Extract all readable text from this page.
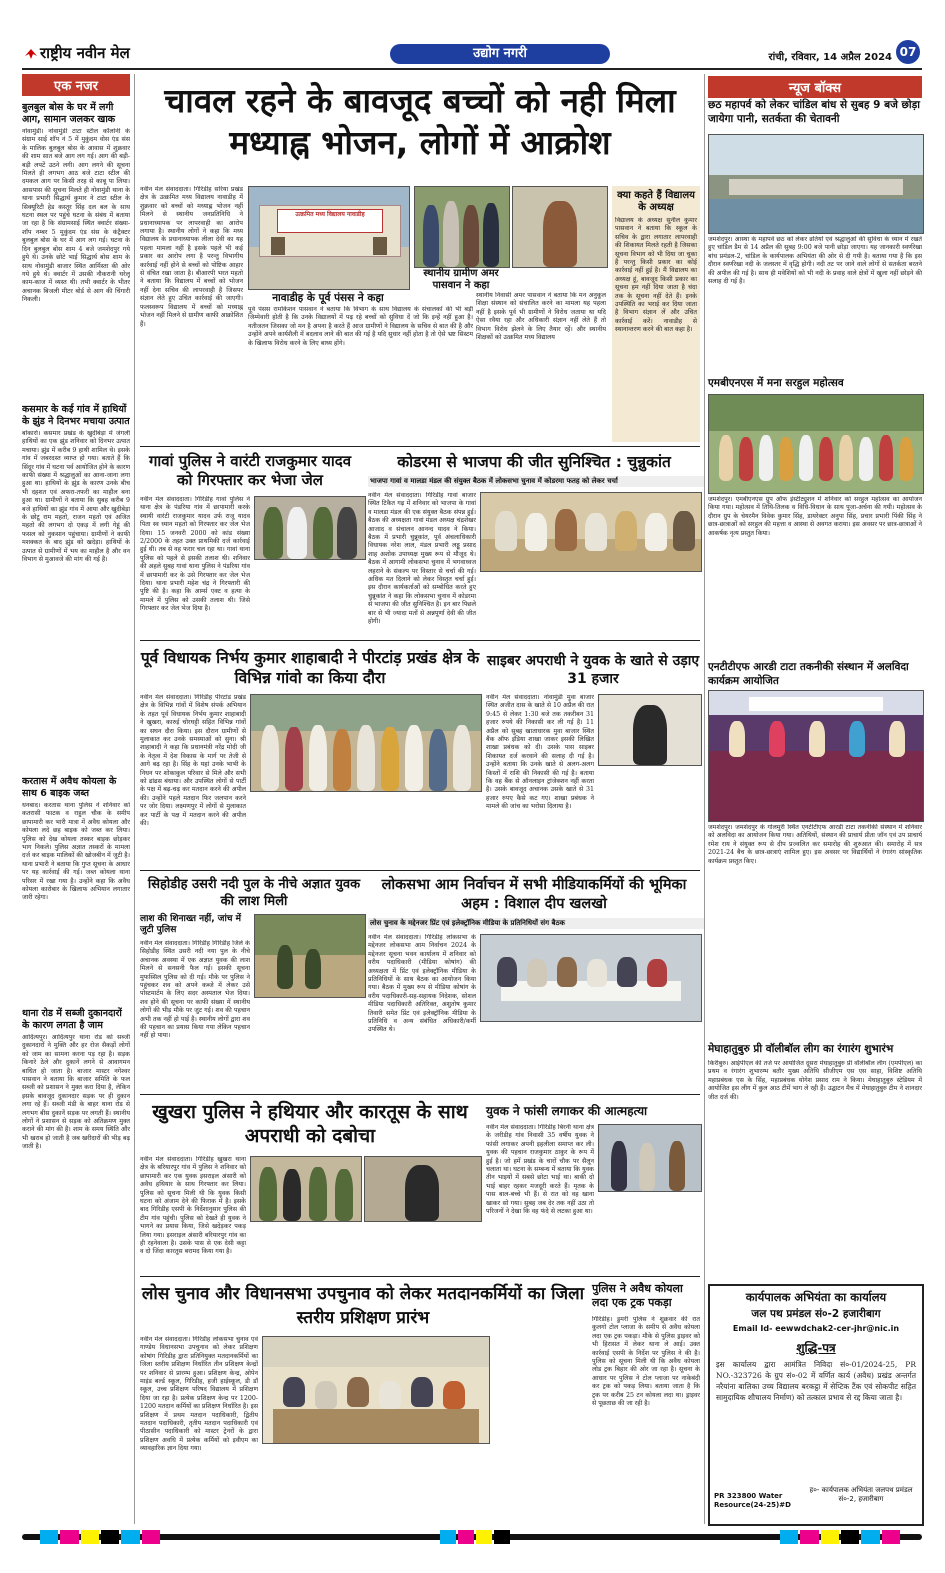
राष्ट्रीय नवीन मेल	उद्योग नगरी	रांची, रविवार, 14 अप्रैल 2024 07
एक नजर
बुलबुल बोस के घर में लगी आग, सामान जलकर खाक
नोवामुंडी। नोवामुंडी टाटा स्टील कॉलोनी के संग्राम साई शॉप नं 5 में मुकुंदम वोस एंड संस के मालिक बुलबुल बोस के आवास में शुक्रवार की शाम सात बजे आग लग गई। आग की बड़ी-बड़ी लपटें उठने लगी। आग लगने की सूचना मिलते ही लगभग आठ बजे टाटा स्टील की दमकल आग पर किसी तरह से काबू पा लिया। आसपास की सूचना मिलते ही नोवामुंडी थाना के थाना प्रभारी सिद्धार्थ कुमार ने टाटा स्टील के सिक्यूरिटी हेड कस्तूर सिंह दल बल के साथ घटना स्थल पर पहुंचे घटना के संबंध में बताया जा रहा है कि संग्रामसाई स्थित क्वार्टर संख्या- शॉप नम्बर 5 मुकुंदम एंड संस के कंट्रैक्टर बुलबुल बोस के घर में आग लग गई। घटना के दिन बुलबुल बोस शाम 4 बजे जमशेदपुर गये हुये थे। उनके छोटे भाई सिद्धार्थ बोस शाम के साथ नोवामुंडी बाजार स्थित आर्मिस्ता की ओर गये हुये थे। क्वार्टर में उसकी नौकरानी घरेलू काम-काज में व्यस्त थी। तभी क्वार्टर के भीतर अचानक बिजली मीटर बोर्ड से आग की चिंगारी निकली।
कसमार के कई गांव में हाथियों के झुंड ने दिनभर मचाया उत्पात
बोकारो। कसमार प्रखंड के खुदीबेड़ा में जंगली हाथियों का एक झुंड शनिवार को दिनभर उत्पात मचाया। झुंड में करीब 9 हाथी शामिल थे। इसके गांव में जबरदस्त व्याप्त हो गया। बताते हैं कि सिंदूर गांव में घटना पर्व आयोजित होने के कारण काफी संख्या में श्रद्धालुओं का आना-जाना लगा हुआ था। हाथियों के झुंड के कारण उनके बीच भी दहशत एवं अफरा-तफरी का माहौल बना हुआ था। ग्रामीणों ने बताया कि सुबह करीब 9 बजे हाथियों का झुंड गांव में आया और खुदीबेड़ा के छोटू राम महतो, राजन महतो एवं अजित महतो की लगभग दो एकड़ में लगी गेहूं की फसल को नुकसान पहुंचाया। ग्रामीणों ने काफी मशक्कत के बाद झुंड को खदेड़ा। हाथियों के उत्पात से ग्रामीणों में भय का माहौल है और वन विभाग से मुआवजे की मांग की गई है।
करतास में अवैध कोयला के साथ 6 बाइक जब्त
धनबाद। करतास थाना पुलिस ने शनिवार को कतरासी फाटक व राहुल चौक के समीप छापामारी कर भारी मात्रा में अवैध कोयला और कोयला लदे छह बाइक को जब्त कर लिया। पुलिस को देख कोयला तस्कर बाइक छोड़कर भाग निकले। पुलिस अज्ञात तस्करों के मामला दर्ज कर बाइक मालिकों की खोजबीन में जुटी है। थाना प्रभारी ने बताया कि गुप्त सूचना के आधार पर यह कार्रवाई की गई। जब्त कोयला थाना परिसर में रखा गया है। उन्होंने कहा कि अवैध कोयला कारोबार के खिलाफ अभियान लगातार जारी रहेगा।
थाना रोड में सब्जी दुकानदारों के कारण लगता है जाम
आदित्यपुर। आदित्यपुर थाना रोड को सब्जी दुकानदारों ने मुक्ति और हर रोज सैकड़ों लोगों को जाम का सामना करना पड़ रहा है। सड़क किनारे ठेले और दुकानें लगने से आवागमन बाधित हो जाता है। बाजार मास्टर नगेश्वर पासवान ने बताया कि बाजार समिति के फल सब्जी को प्रशासन ने मुक्त करा दिया है, लेकिन इसके बावजूद दुकानदार सड़क पर ही दुकान लगा रहे हैं। सब्जी मंडी के बाहर थाना रोड से लगभग बीस दुकानें सड़क पर लगती हैं। स्थानीय लोगों ने प्रशासन से सड़क को अतिक्रमण मुक्त कराने की मांग की है। शाम के समय स्थिति और भी खराब हो जाती है जब खरीदारों की भीड़ बढ़ जाती है।
चावल रहने के बावजूद बच्चों को नही मिला मध्याह्न भोजन, लोगों में आक्रोश
नवीन मेल संवाददाता। गिरिडीह सरिया प्रखंड क्षेत्र के उत्क्रमित मध्य विद्यालय नावाडीह में शुक्रवार को बच्चों को मध्याह्न भोजन नहीं मिलने से स्थानीय जनप्रतिनिधि ने प्रधानाध्यापक पर लापरवाही का आरोप लगाया है। स्थानीय लोगों ने कहा कि मध्य विद्यालय के प्रधानाध्यापक लीला देवी का यह पहला मामला नहीं है इसके पहले भी कई प्रकार का आरोप लगा है परन्तु विभागीय कार्रवाई नहीं होने से बच्चों को पोष्टिक आहार से वंचित रखा जाता है। बीआरपी भरत महतो ने बताया कि विद्यालय में बच्चों को भोजन नहीं देना सचिव की लापरवाही है जिसपर संज्ञान लेते हुए उचित कार्रवाई की जाएगी। फलस्वरूप विद्यालय में बच्चों को मध्याह्न भोजन नहीं मिलने से ग्रामीण काफी आक्रोशित हैं।
उत्क्रमित मध्य विद्यालय नावाडीह
नावाडीह के पूर्व पंसस ने कहा
पूर्व पंसस रामकिशन पासवान ने बताया कि विभाग के साथ विद्यालय के संचालकों की भी बड़ी जिम्मेवारी होती है कि उनके विद्यालयों में पढ़ रहे बच्चों को सुविधा दें जो कि इन्हें नहीं हुआ है। नतीजतन जिसका जो मन है अपना है करते हैं आज ग्रामीणों ने विद्यालय के सचिव से बात की है और उन्होंने अपने कार्यशैली में बदलाव लाने की बात की गई है यदि सुधार नहीं होता है तो ऐसे भ्रष्ट सिस्टम के खिलाफ विरोध करने के लिए बाध्य होंगे।
स्थानीय ग्रामीण अमर पासवान ने कहा
स्थानीय निवासी अमर पासवान ने बताया कि मन अनुकूल शिक्षा संस्थान को संचालित करने का मामला यह पहला नहीं है इसके पूर्व भी ग्रामीणों ने विरोध जताया था यदि ऐसा रवैया रहा और अधिकारी संज्ञान नहीं लेते हैं तो विभाग विरोध झेलने के लिए तैयार रहें। और स्थानीय शिक्षकों को उत्क्रमित मध्य विद्यालय
क्या कहते हैं विद्यालय के अध्यक्ष
विद्यालय के अध्यक्ष सुनील कुमार पासवान ने बताया कि स्कूल के सचिव के द्वारा लगातार लापरवाही की शिकायत मिलते रहती है जिसका सूचना विभाग को भी दिया जा चुका है परन्तु किसी प्रकार का कोई कार्रवाई नहीं हुई है। मैं विद्यालय का अध्यक्ष हूं, बावजूद किसी प्रकार का सूचना हम नहीं दिया जाता है चंदा तक के सूचना नहीं देते हैं। इनके उपस्थिति का भराई कर दिया जाता है विभाग संज्ञान लें और उचित कार्रवाई करें। नावाडीह से स्थानान्तरण करने की बात कहा है।
गावां पुलिस ने वारंटी राजकुमार यादव को गिरफ्तार कर भेजा जेल
नवीन मेल संवाददाता। गिरिडीह गावां पुलिस ने थाना क्षेत्र के पंडरिया गांव में छापामारी करके स्थायी वारंटी राजकुमार यादव उर्फ राजू यादव पिता स्व ध्यान महतो को गिरफ्तार कर जेल भेज दिया। 15 जनवरी 2000 को कांड संख्या 2/2000 के तहत उक्त प्राथमिकी दर्ज कार्रवाई हुई थी। तब से वह फरार चल रहा था। गावां थाना पुलिस को पहले से इसकी तलाश थी। शनिवार की अहले सुबह गावां थाना पुलिस ने पंडरिया गांव में छापामारी कर के उसे गिरफ्तार कर जेल भेज दिया। थाना प्रभारी महेश चंद्र ने गिरफ्तारी की पुष्टि की है। कहा कि आर्म्स एक्ट व हत्या के मामले में पुलिस को उसकी तलाश थी। जिसे गिरफ्तार कर जेल भेज दिया है।
कोडरमा से भाजपा की जीत सुनिश्चित : चुन्नुकांत
भाजपा गावां व मालडा मंडल की संयुक्त बैठक में लोकसभा चुनाव में कोडरमा फतह को लेकर चर्चा
नवीन मेल संवाददाता। गिरिडीह गावां बाजार स्थित टिकैत गढ़ में शनिवार को भाजपा के गावां व मालडा मंडल की एक संयुक्त बैठक संपन्न हुई। बैठक की अध्यक्षता गावां मंडल अध्यक्ष चंद्रशेखर आजाद व संचालन आनन्द यादव ने किया। बैठक में प्रभारी चुन्नूकांत, पूर्व अंचलाधिकारी विधायक नरेश लाल, मंडल प्रभारी लड्डू प्रसाद शाह अशोक उपाध्यक्ष मुख्य रूप से मौजूद थे। बैठक में आगामी लोकसभा चुनाव में भगवाध्वज लहराने के संकल्प पर विस्तार से चर्चा की गई। अधिक मत दिलाने को लेकर विस्तृत चर्चा हुई। इस दौरान कार्यकर्ताओं को सम्बोधित करते हुए चुन्नूकांत ने कहा कि लोकसभा चुनाव में कोडरमा से भाजपा की जीत सुनिश्चित है। इन बार पिछले बार से भी ज्यादा मतों से अन्नपूर्णा देवी की जीत होगी।
पूर्व विधायक निर्भय कुमार शाहाबादी ने पीरटांड़ प्रखंड क्षेत्र के विभिन्न गांवो का किया दौरा
नवीन मेल संवाददाता। गिरिडीह पीरटांड प्रखंड क्षेत्र के विभिन्न गांवों में विशेष संपर्क अभियान के तहत पूर्व विधायक निर्भय कुमार शाहाबादी ने खुखरा, कारुई चोरघट्टी सहित विभिन्न गांवों का सघन दौरा किया। इस दौरान ग्रामीणों से मुलाकात कर उनके समस्याओं को सुना। श्री शाहाबादी ने कहा कि प्रधानमंत्री नरेंद्र मोदी जी के नेतृत्व में देश विकास के मार्ग पर तेजी से आगे बढ़ रहा है। सिंह के यहां उनके भाभी के निधन पर शोकाकुल परिवार से मिले और सभी को ढांढस बंधाया। और उपस्थित लोगों से पार्टी के पक्ष में बढ़-चढ़ कर मतदान करने की अपील की। उन्होंने पहले मतदान फिर जलपान करने पर जोर दिया। लक्ष्मणपुर में लोगों से मुलाकात कर पार्टी के पक्ष में मतदान करने की अपील की।
साइबर अपराधी ने युवक के खाते से उड़ाए 31 हजार
नवीन मेल संवाददाता। नोवामुंडी मुवा बाजार स्थित अजीत दास के खाते से 10 अप्रैल की रात 9:45 से लेकर 1:30 बजे तक तकरीबन 31 हजार रुपये की निकासी कर ली गई है। 11 अप्रैल को सुबह खाताधारक मुवा बाजार स्थित बैंक ऑफ इंडिया शाखा जाकर इसकी लिखित शाखा प्रबंधक को दी। उसके पास साइबर शिकायत दर्ज करवाने की सलाह दी गई है। उन्होंने बताया कि उनके खाते से अलग-अलग किस्तों में राशि की निकासी की गई है। बताया कि वह बैंक से ऑनलाइन ट्रांजेक्शन नहीं करता है। उसके बावजूद अचानक उसके खाते से 31 हजार रुपए कैसे कट गए। शाखा प्रबंधक ने मामले की जांच का भरोसा दिलाया है।
सिहोडीह उसरी नदी पुल के नीचे अज्ञात युवक की लाश मिली
लाश की शिनाख्त नहीं, जांच में जुटी पुलिस
नवीन मेल संवाददाता। गिरिडीह गिरिडीह जिले के सिहोडीह स्थित उसरी नदी नया पुल के नीचे अचानक अवस्था में एक अज्ञात युवक की लाश मिलने से सनसनी फैल गई। इसकी सूचना मुफस्सिल पुलिस को दी गई। मौके पर पुलिस ने पहुंचकर शव को अपने कब्जे में लेकर उसे पोस्टमार्टम के लिए सदर अस्पताल भेज दिया। शव होने की सूचना पर काफी संख्या में स्थानीय लोगों की भीड़ मौके पर जुट गई। शव की पहचान अभी तक नहीं हो पाई है। स्थानीय लोगों द्वारा शव की पहचान का प्रयास किया गया लेकिन पहचान नहीं हो पाया।
लोकसभा आम निर्वाचन में सभी मीडियाकर्मियों की भूमिका अहम : विशाल दीप खलखो
लोस चुनाव के मद्देनजर प्रिंट एवं इलेक्ट्रॉनिक मीडिया के प्रतिनिधियों संग बैठक
नवीन मेल संवाददाता। गिरिडीह लोकसभा के मद्देनजर लोकसभा आम निर्वाचन 2024 के मद्देनजर सूचना भवन कार्यालय में शनिवार को वरीय पदाधिकारी (मीडिया कोषांग) की अध्यक्षता में प्रिंट एवं इलेक्ट्रॉनिक मीडिया के प्रतिनिधियों के साथ बैठक का आयोजन किया गया। बैठक में मुख्य रूप से मीडिया कोषांग के वरीय पदाधिकारी-सह-सहायक निदेशक, सोशल मीडिया पदाधिकारी अतिरिक्त, अशुतोष कुमार तिवारी समेत प्रिंट एवं इलेक्ट्रॉनिक मीडिया के प्रतिनिधि व अन्य संबंधित अधिकारी/कर्मी उपस्थित थे।
खुखरा पुलिस ने हथियार और कारतूस के साथ अपराधी को दबोचा
नवीन मेल संवाददाता। गिरिडीह खुखरा थाना क्षेत्र के बरियारपुर गांव में पुलिस ने शनिवार को छापामारी कर एक युवक इसराइल अंसारी को अवैध हथियार के साथ गिरफ्तार कर लिया। पुलिस को सूचना मिली थी कि युवक किसी घटना को अंजाम देने की फिराक में है। इसके बाद गिरिडीह एसपी के निर्देशानुसार पुलिस की टीम गांव पहुंची। पुलिस को देखते ही युवक ने भागने का प्रयास किया, जिसे खदेड़कर पकड़ लिया गया। इसराइल अंसारी बरियारपुर गांव का ही रहनेवाला है। उसके पास से एक देसी कट्टा व दो जिंदा कारतूस बरामद किया गया है।
युवक ने फांसी लगाकर की आत्महत्या
नवीन मेल संवाददाता। गिरिडीह बिरनी थाना क्षेत्र के जरीडीह गांव निवासी 35 वर्षीय युवक ने फांसी लगाकर अपनी इहलीला समाप्त कर ली। युवक की पहचान राजकुमार ठाकुर के रूप में हुई है। जो हमें प्रखंड के चारों चौक पर सैलून चलाता था। घटना के सम्बन्ध में बताया कि युवक तीन भाइयों में सबसे छोटा भाई था। बाकी दो भाई बाहर रहकर मजदूरी करते हैं। मृतक के पास बाल-बच्चे भी हैं। से रात को वह खाना खाकर सो गया। सुबह जब देर तक नहीं उठा तो परिजनों ने देखा कि वह फंदे से लटका हुआ था।
लोस चुनाव और विधानसभा उपचुनाव को लेकर मतदानकर्मियों का जिला स्तरीय प्रशिक्षण प्रारंभ
नवीन मेल संवाददाता। गिरिडीह लोकसभा चुनाव एवं गाण्डेय विधानसभा उपचुनाव को लेकर प्रशिक्षण कोषांग गिरिडीह द्वारा प्रतिनियुक्त मतदानकर्मियों का जिला स्तरीय प्रशिक्षण निर्धारित तीन प्रशिक्षण केन्द्रों पर शनिवार से प्रारम्भ हुआ। प्रशिक्षण केन्द्र, ओपेन माइंड बर्ल्ड स्कूल, गिरिडीह, हजी हाईस्कूल, डी डॉ स्कूल, उच्च प्रशिक्षण परिषद विद्यालय में प्रशिक्षण दिया जा रहा है। प्रत्येक प्रशिक्षण केन्द्र पर 1200-1200 मतदान कर्मियों का प्रशिक्षण निर्धारित है। इस प्रशिक्षण में प्रथम मतदान पदाधिकारी, द्वितीय मतदान पदाधिकारी, तृतीय मतदान पदाधिकारी एवं पीठासीन पदाधिकारी को मास्टर ट्रेनरों के द्वारा प्रशिक्षण अवधि में प्रत्येक कर्मियों को इवीएम का व्यावहारिक ज्ञान दिया गया।
पुलिस ने अवैध कोयला लदा एक ट्रक पकड़ा
गिरिडीह। डुमरी पुलिस ने शुक्रवार की रात कुलगो टोल प्लाजा के समीप से अवैध कोयला लदा एक ट्रक पकड़ा। मौके से पुलिस ड्राइवर को भी हिरासत में लेकर थाना ले आई। उक्त कार्रवाई एसपी के निर्देश पर पुलिस ने की है। पुलिस को सूचना मिली थी कि अवैध कोयला लोड ट्रक बिहार की ओर जा रहा है। सूचना के आधार पर पुलिस ने टोल प्लाजा पर नाकेबंदी कर ट्रक को पकड़ लिया। बताया जाता है कि ट्रक पर करीब 25 टन कोयला लदा था। ड्राइवर से पूछताछ की जा रही है।
न्यूज बॉक्स
छठ महापर्व को लेकर चांडिल बांध से सुबह 9 बजे छोड़ा जायेगा पानी, सतर्कता की चेतावनी
जमशेदपुर। आस्था के महापर्व छठ को लेकर व्रतियों एवं श्रद्धालुओं की सुविधा के ध्यान में रखते हुए चांडिल डैम से 14 अप्रैल की सुबह 9:00 बजे पानी छोड़ा जाएगा। यह जानकारी स्वर्णरेखा बांध प्रमंडल-2, चांडिल के कार्यपालक अभियंता की ओर से दी गयी है। बताया गया है कि इस दौरान स्वर्णरेखा नदी के जलस्तर में वृद्धि होगी। नदी तट पर जाने वाले लोगों से सतर्कता बरतने की अपील की गई है। साथ ही मवेशियों को भी नदी के प्रवाह वाले क्षेत्रों में खुला नहीं छोड़ने की सलाह दी गई है।
एमबीएनएस में मना सरहुल महोत्सव
जमशेदपुर। एमबीएनएस ग्रुप ऑफ इंस्टीट्यूशन में शनिवार को सरहुल महोत्सव का आयोजन किया गया। महोत्सव में तिथि-तिलक व विधि-विधान के साथ पूजा-अर्चना की गयी। महोत्सव के दौरान ग्रुप के चेयरमैन विवेक कुमार सिंह, डायरेक्टर अनुपा सिंह, प्रचार प्रभारी पिंकी सिंह ने छात्र-छात्राओं को सरहुल की महत्ता व आस्था से अवगत कराया। इस अवसर पर छात्र-छात्राओं ने आकर्षक नृत्य प्रस्तुत किया।
एनटीटीएफ आरडी टाटा तकनीकी संस्थान में अलविदा कार्यक्रम आयोजित
जमशेदपुर। जमशेदपुर के गोलमुरी स्थित एनटीटीएफ आरडी टाटा तकनीकी संस्थान में शनिवार को अलविदा का आयोजन किया गया। अतिथियों, संस्थान की प्राचार्य प्रीता जॉन एवं उप प्राचार्य रमेश राय ने संयुक्त रूप से दीप प्रज्वलित कर समारोह की शुरुआत की। समारोह में सत्र 2021-24 बैच के छात्र-छात्राएं शामिल हुए। इस अवसर पर विद्यार्थियों ने रंगारंग सांस्कृतिक कार्यक्रम प्रस्तुत किए।
मेघाहातुबुरु प्री वॉलीबॉल लीग का रंगारंग शुभारंभ
किरीबुरु। आईपीएल की तर्ज पर आयोजित दूसरा मेघाहातुबुरु प्री वॉलीबॉल लीग (एमपीएल) का प्रथम व रंगारंग शुभारम्भ बतौर मुख्य अतिथि सीजीएम एस एस साहा, विशिष्ट अतिथि महाप्रबंधक एस के सिंह, महाप्रबंधक योगेश प्रसाद राम ने किया। मेघाहातुबुरु स्टेडियम में आयोजित इस लीग में कुल आठ टीमें भाग ले रही हैं। उद्घाटन मैच में मेघाहातुबुरु टीम ने शानदार जीत दर्ज की।
कार्यपालक अभियंता का कार्यालय
जल पथ प्रमंडल सं०-2 हजारीबाग
Email Id- eewwdchak2-cer-jhr@nic.in
शुद्धि-पत्र
इस कार्यालय द्वारा आमंत्रित निविदा सं०-01/2024-25, PR NO.-323726 के ग्रुप सं०-02 में वर्णित कार्य (अवैध) प्रखंड अन्तर्गत नरैयांना बालिका उच्च विद्यालय बरकट्ठा में सेप्टिक टैंक एवं सोकपीट सहित सामुदायिक शौचालय निर्माण) को तत्काल प्रभाव से रद्द किया जाता है।
PR 323800 Water Resource(24-25)#D
ह०- कार्यपालक अभियंता जलपथ प्रमंडल सं०-2, हजारीबाग
